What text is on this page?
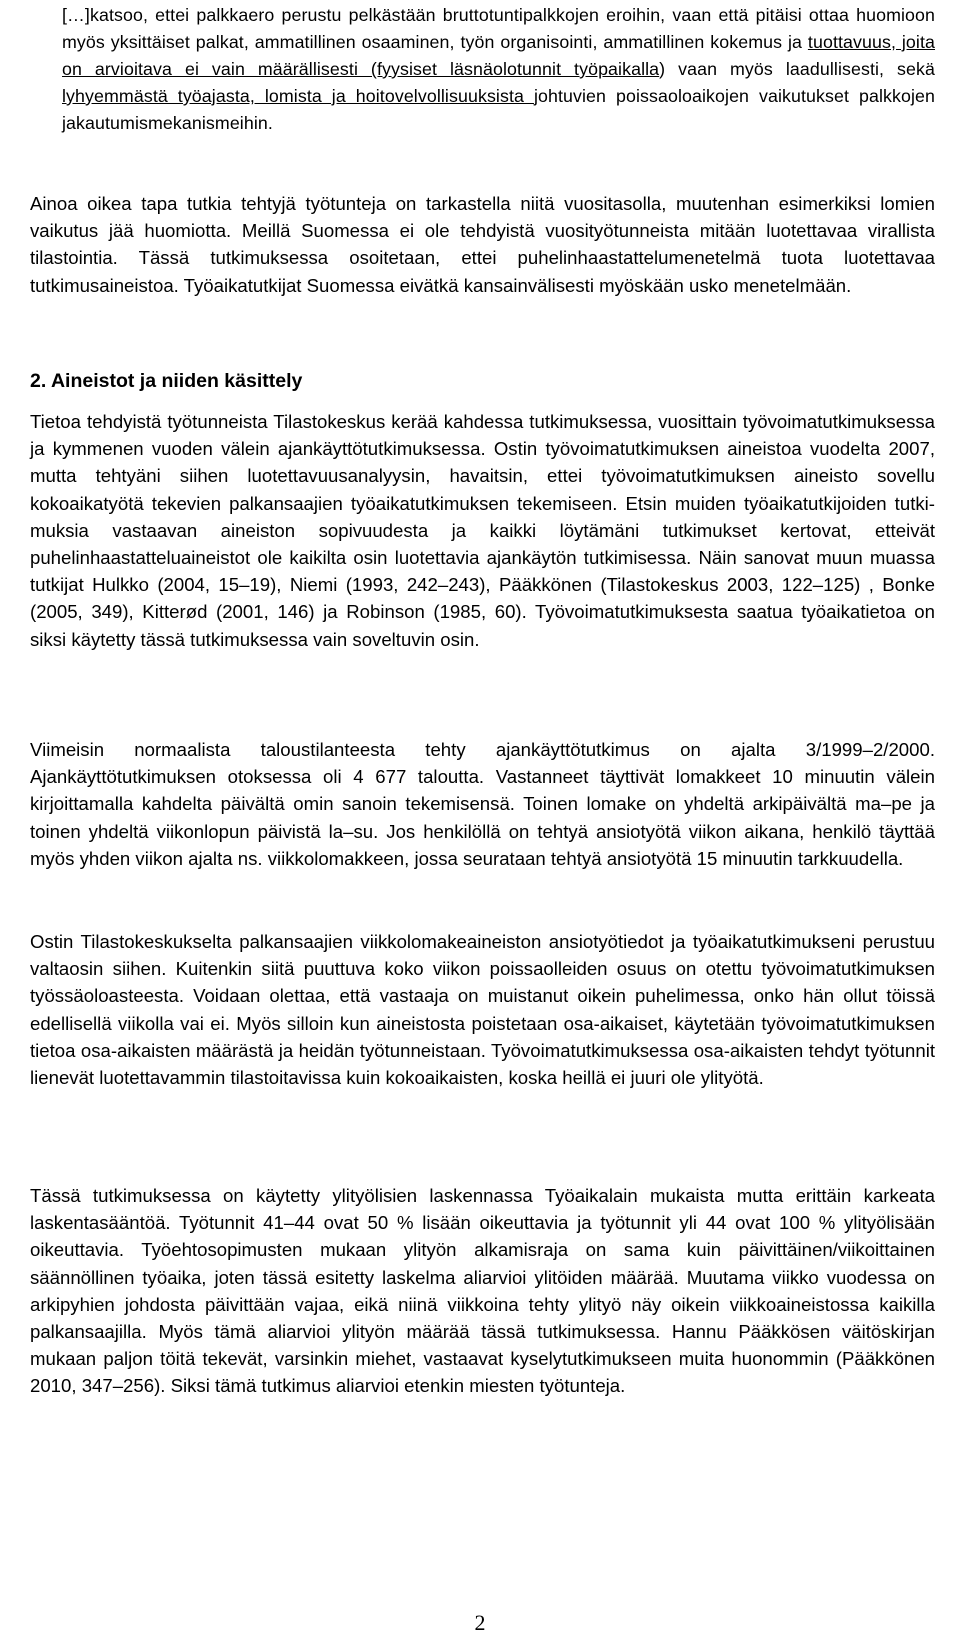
[…]katsoo, ettei palkkaero perustu pelkästään bruttotuntipalkkojen eroihin, vaan että pitäisi ottaa huomioon myös yksittäiset palkat, ammatillinen osaaminen, työn organisointi, ammatillinen kokemus ja tuottavuus, joita on arvioitava ei vain määrällisesti (fyysiset läsnäolotunnit työpaikalla) vaan myös laadullisesti, sekä lyhyemmästä työajasta, lomista ja hoitovelvollisuuksista johtuvien poissaoloaikojen vaikutukset palkkojen jakautumismekanismeihin.
Ainoa oikea tapa tutkia tehtyjä työtunteja on tarkastella niitä vuositasolla, muutenhan esimerkiksi lomien vaikutus jää huomiotta. Meillä Suomessa ei ole tehdyistä vuosityötunneista mitään luotettavaa virallista tilastointia. Tässä tutkimuksessa osoitetaan, ettei puhelinhaastattelumenetelmä tuota luotettavaa tutkimusaineistoa. Työaikatutkijat Suomessa eivätkä kansainvälisesti myöskään usko menetelmään.
2. Aineistot ja niiden käsittely
Tietoa tehdyistä työtunneista Tilastokeskus kerää kahdessa tutkimuksessa, vuosittain työvoimatutkimuksessa ja kymmenen vuoden välein ajankäyttötutkimuksessa. Ostin työvoimatutkimuksen aineistoa vuodelta 2007, mutta tehtyäni siihen luotettavuusanalyysin, havaitsin, ettei työvoimatutkimuksen aineisto sovellu kokoaikatyötä tekevien palkansaajien työaikatutkimuksen tekemiseen. Etsin muiden työaikatutkijoiden tutkimuksia vastaavan aineiston sopivuudesta ja kaikki löytämäni tutkimukset kertovat, etteivät puhelinhaastatteluaineistot ole kaikilta osin luotettavia ajankäytön tutkimisessa. Näin sanovat muun muassa tutkijat Hulkko (2004, 15–19), Niemi (1993, 242–243), Pääkkönen (Tilastokeskus 2003, 122–125) , Bonke (2005, 349), Kitterød (2001, 146) ja Robinson (1985, 60). Työvoimatutkimuksesta saatua työaikatietoa on siksi käytetty tässä tutkimuksessa vain soveltuvin osin.
Viimeisin normaalista taloustilanteesta tehty ajankäyttötutkimus on ajalta 3/1999–2/2000. Ajankäyttötutkimuksen otoksessa oli 4 677 taloutta. Vastanneet täyttivät lomakkeet 10 minuutin välein kirjoittamalla kahdelta päivältä omin sanoin tekemisensä. Toinen lomake on yhdeltä arkipäivältä ma–pe ja toinen yhdeltä viikonlopun päivistä la–su. Jos henkilöllä on tehtyä ansiotyötä viikon aikana, henkilö täyttää myös yhden viikon ajalta ns. viikkolomakkeen, jossa seurataan tehtyä ansiotyötä 15 minuutin tarkkuudella.
Ostin Tilastokeskukselta palkansaajien viikkolomakeaineiston ansiotyötiedot ja työaikatutkimukseni perustuu valtaosin siihen. Kuitenkin siitä puuttuva koko viikon poissaolleiden osuus on otettu työvoimatutkimuksen työssäoloasteesta. Voidaan olettaa, että vastaaja on muistanut oikein puhelimessa, onko hän ollut töissä edellisellä viikolla vai ei. Myös silloin kun aineistosta poistetaan osa-aikaiset, käytetään työvoimatutkimuksen tietoa osa-aikaisten määrästä ja heidän työtunneistaan. Työvoimatutkimuksessa osa-aikaisten tehdyt työtunnit lienevät luotettavammin tilastoitavissa kuin kokoaikaisten, koska heillä ei juuri ole ylityötä.
Tässä tutkimuksessa on käytetty ylityölisien laskennassa Työaikalain mukaista mutta erittäin karkeata laskentasääntöä. Työtunnit 41–44 ovat 50 % lisään oikeuttavia ja työtunnit yli 44 ovat 100 % ylityölisään oikeuttavia. Työehtosopimusten mukaan ylityön alkamisraja on sama kuin päivittäinen/viikoittainen säännöllinen työaika, joten tässä esitetty laskelma aliarvioi ylitöiden määrää. Muutama viikko vuodessa on arkipyhien johdosta päivittään vajaa, eikä niinä viikkoina tehty ylityö näy oikein viikkoaineistossa kaikilla palkansaajilla. Myös tämä aliarvioi ylityön määrää tässä tutkimuksessa. Hannu Pääkkösen väitöskirjan mukaan paljon töitä tekevät, varsinkin miehet, vastaavat kyselytutkimukseen muita huonommin (Pääkkönen 2010, 347–256). Siksi tämä tutkimus aliarvioi etenkin miesten työtunteja.
2
